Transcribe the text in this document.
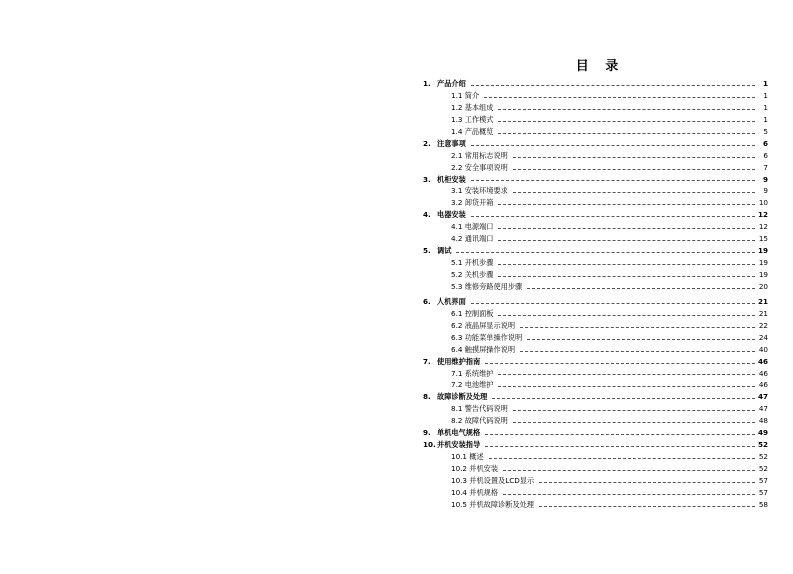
目 录
1. 产品介绍	1
1.1 简介	1
1.2 基本组成	1
1.3 工作模式	1
1.4 产品概览	5
2. 注意事项	6
2.1 常用标志说明	6
2.2 安全事项说明	7
3. 机柜安装	9
3.1 安装环境要求	9
3.2 卸货开箱	10
4. 电器安装	12
4.1 电源端口	12
4.2 通讯端口	15
5. 调试	19
5.1 开机步骤	19
5.2 关机步骤	19
5.3 维修旁路使用步骤	20
6. 人机界面	21
6.1 控制面板	21
6.2 液晶屏显示说明	22
6.3 功能菜单操作说明	24
6.4 触摸屏操作说明	40
7. 使用维护指南	46
7.1 系统维护	46
7.2 电池维护	46
8. 故障诊断及处理	47
8.1 警告代码说明	47
8.2 故障代码说明	48
9. 单机电气规格	49
10. 并机安装指导	52
10.1 概述	52
10.2 并机安装	52
10.3 并机设置及LCD显示	57
10.4 并机规格	57
10.5 并机故障诊断及处理	58
